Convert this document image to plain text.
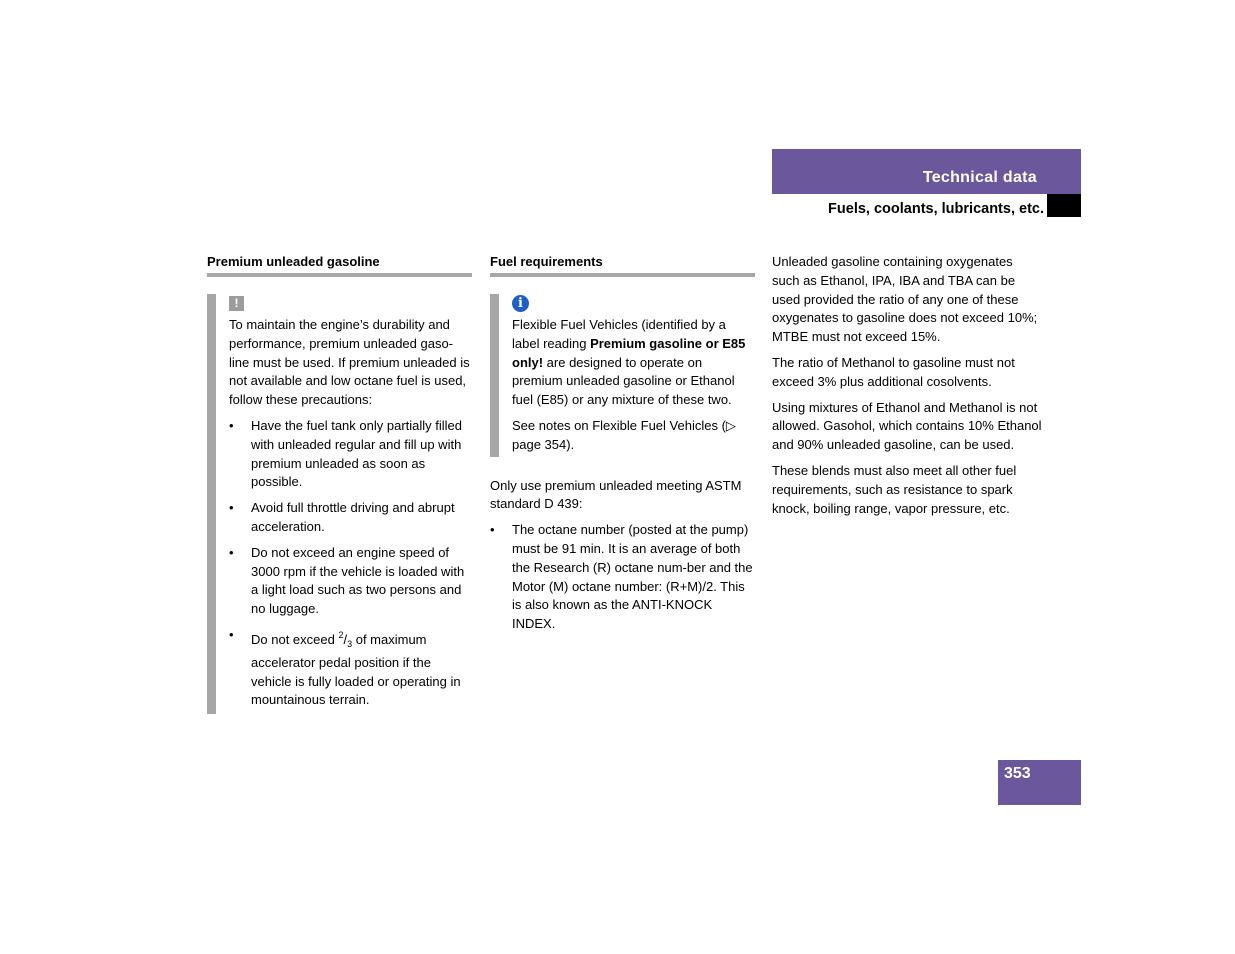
Technical data
Fuels, coolants, lubricants, etc.
Premium unleaded gasoline
!

To maintain the engine’s durability and performance, premium unleaded gaso-line must be used. If premium unleaded is not available and low octane fuel is used, follow these precautions:

• Have the fuel tank only partially filled with unleaded regular and fill up with premium unleaded as soon as possible.
• Avoid full throttle driving and abrupt acceleration.
• Do not exceed an engine speed of 3000 rpm if the vehicle is loaded with a light load such as two persons and no luggage.
• Do not exceed $^2/_3$ of maximum accelerator pedal position if the vehicle is fully loaded or operating in mountainous terrain.
Fuel requirements
i

Flexible Fuel Vehicles (identified by a label reading Premium gasoline or E85 only! are designed to operate on premium unleaded gasoline or Ethanol fuel (E85) or any mixture of these two.

See notes on Flexible Fuel Vehicles (▷ page 354).

Only use premium unleaded meeting ASTM standard D 439:

• The octane number (posted at the pump) must be 91 min. It is an average of both the Research (R) octane num-ber and the Motor (M) octane number: (R+M)/2. This is also known as the ANTI-KNOCK INDEX.

Unleaded gasoline containing oxygenates such as Ethanol, IPA, IBA and TBA can be used provided the ratio of any one of these oxygenates to gasoline does not exceed 10%; MTBE must not exceed 15%.

The ratio of Methanol to gasoline must not exceed 3% plus additional cosolvents.

Using mixtures of Ethanol and Methanol is not allowed. Gasohol, which contains 10% Ethanol and 90% unleaded gasoline, can be used.

These blends must also meet all other fuel requirements, such as resistance to spark knock, boiling range, vapor pressure, etc.

353
